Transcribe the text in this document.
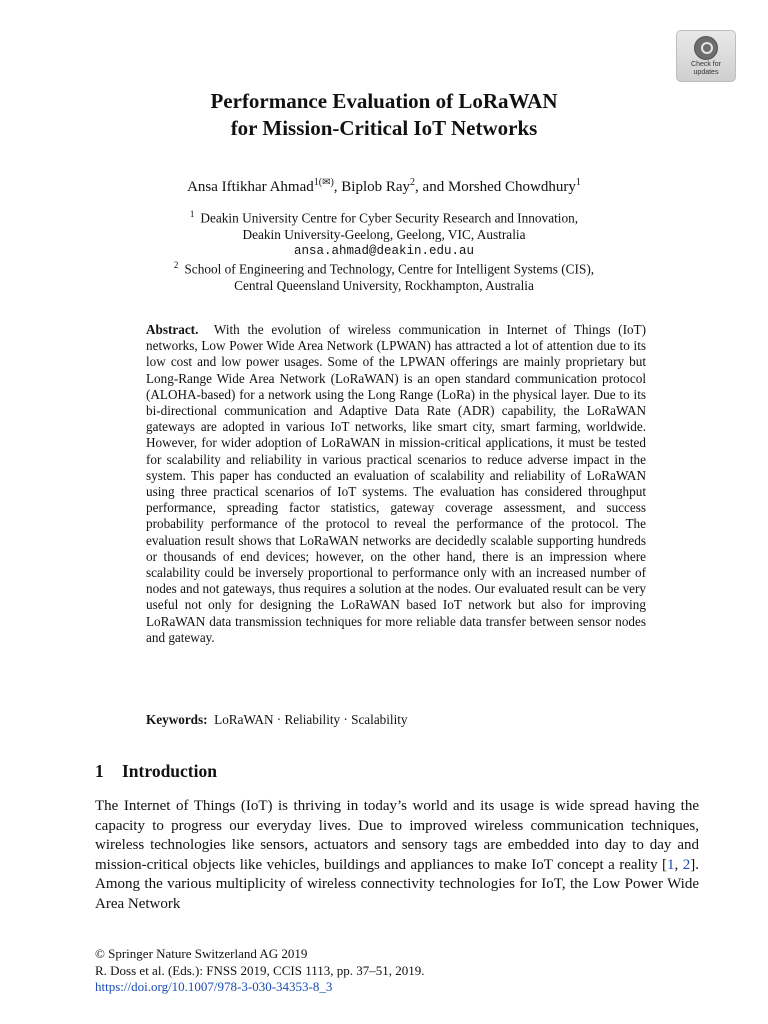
Check for
updates
Performance Evaluation of LoRaWAN
for Mission-Critical IoT Networks
Ansa Iftikhar Ahmad$^{1(✉)}$, Biplob Ray$^2$, and Morshed Chowdhury$^1$
$^1$ Deakin University Centre for Cyber Security Research and Innovation,
Deakin University-Geelong, Geelong, VIC, Australia
ansa.ahmad@deakin.edu.au
$^2$ School of Engineering and Technology, Centre for Intelligent Systems (CIS),
Central Queensland University, Rockhampton, Australia
Abstract. With the evolution of wireless communication in Internet of Things (IoT) networks, Low Power Wide Area Network (LPWAN) has attracted a lot of attention due to its low cost and low power usages. Some of the LPWAN offerings are mainly proprietary but Long-Range Wide Area Network (LoRaWAN) is an open standard communication protocol (ALOHA-based) for a network using the Long Range (LoRa) in the physical layer. Due to its bi-directional communication and Adaptive Data Rate (ADR) capability, the LoRaWAN gateways are adopted in various IoT networks, like smart city, smart farming, worldwide. However, for wider adoption of LoRaWAN in mission-critical applications, it must be tested for scalability and reliability in various practical scenarios to reduce adverse impact in the system. This paper has conducted an evaluation of scalability and reliability of LoRaWAN using three practical scenarios of IoT systems. The evaluation has considered throughput performance, spreading factor statistics, gateway coverage assessment, and success probability performance of the protocol to reveal the performance of the protocol. The evaluation result shows that LoRaWAN networks are decidedly scalable supporting hundreds or thousands of end devices; however, on the other hand, there is an impression where scalability could be inversely proportional to performance only with an increased number of nodes and not gateways, thus requires a solution at the nodes. Our evaluated result can be very useful not only for designing the LoRaWAN based IoT network but also for improving LoRaWAN data transmission techniques for more reliable data transfer between sensor nodes and gateway.
Keywords: LoRaWAN · Reliability · Scalability
1 Introduction
The Internet of Things (IoT) is thriving in today’s world and its usage is wide spread having the capacity to progress our everyday lives. Due to improved wireless communication techniques, wireless technologies like sensors, actuators and sensory tags are embedded into day to day and mission-critical objects like vehicles, buildings and appliances to make IoT concept a reality [1, 2]. Among the various multiplicity of wireless connectivity technologies for IoT, the Low Power Wide Area Network
© Springer Nature Switzerland AG 2019
R. Doss et al. (Eds.): FNSS 2019, CCIS 1113, pp. 37–51, 2019.
https://doi.org/10.1007/978-3-030-34353-8_3
